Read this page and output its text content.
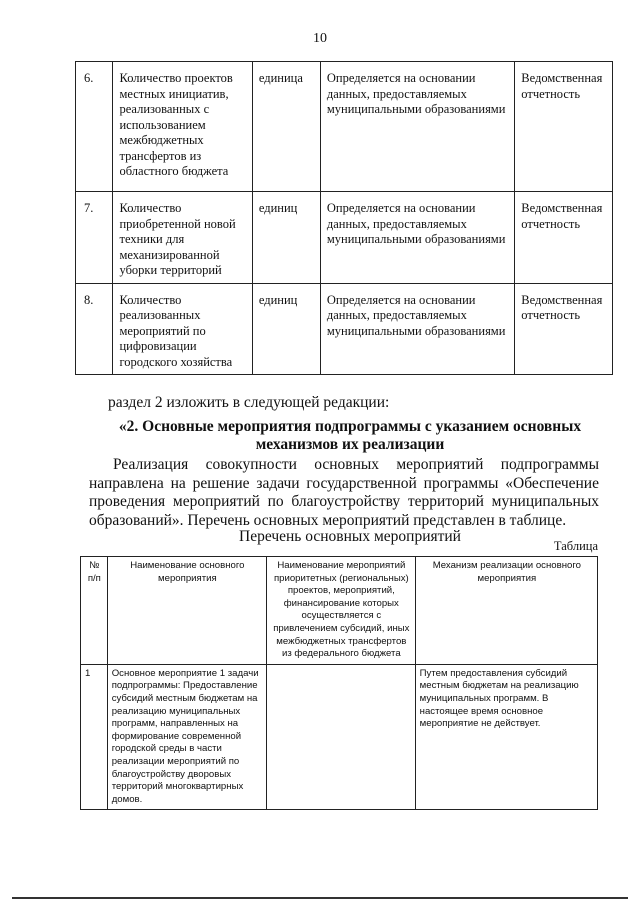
10
6.	Количество проектов местных инициатив, реализованных с использованием межбюджетных трансфертов из областного бюджета	единица	Определяется на основании данных, предоставляемых муниципальными образованиями	Ведомственная отчетность
7.	Количество приобретенной новой техники для механизированной уборки территорий	единиц	Определяется на основании данных, предоставляемых муниципальными образованиями	Ведомственная отчетность
8.	Количество реализованных мероприятий по цифровизации городского хозяйства	единиц	Определяется на основании данных, предоставляемых муниципальными образованиями	Ведомственная отчетность
раздел 2 изложить в следующей редакции:
«2. Основные мероприятия подпрограммы с указанием основных механизмов их реализации
Реализация совокупности основных мероприятий подпрограммы направлена на решение задачи государственной программы «Обеспечение проведения мероприятий по благоустройству территорий муниципальных образований». Перечень основных мероприятий представлен в таблице.
Перечень основных мероприятий
Таблица
№ п/п	Наименование основного мероприятия	Наименование мероприятий приоритетных (региональных) проектов, мероприятий, финансирование которых осуществляется с привлечением субсидий, иных межбюджетных трансфертов из федерального бюджета	Механизм реализации основного мероприятия
1	Основное мероприятие 1 задачи подпрограммы: Предоставление субсидий местным бюджетам на реализацию муниципальных программ, направленных на формирование современной городской среды в части реализации мероприятий по благоустройству дворовых территорий многоквартирных домов.		Путем предоставления субсидий местным бюджетам на реализацию муниципальных программ. В настоящее время основное мероприятие не действует.
